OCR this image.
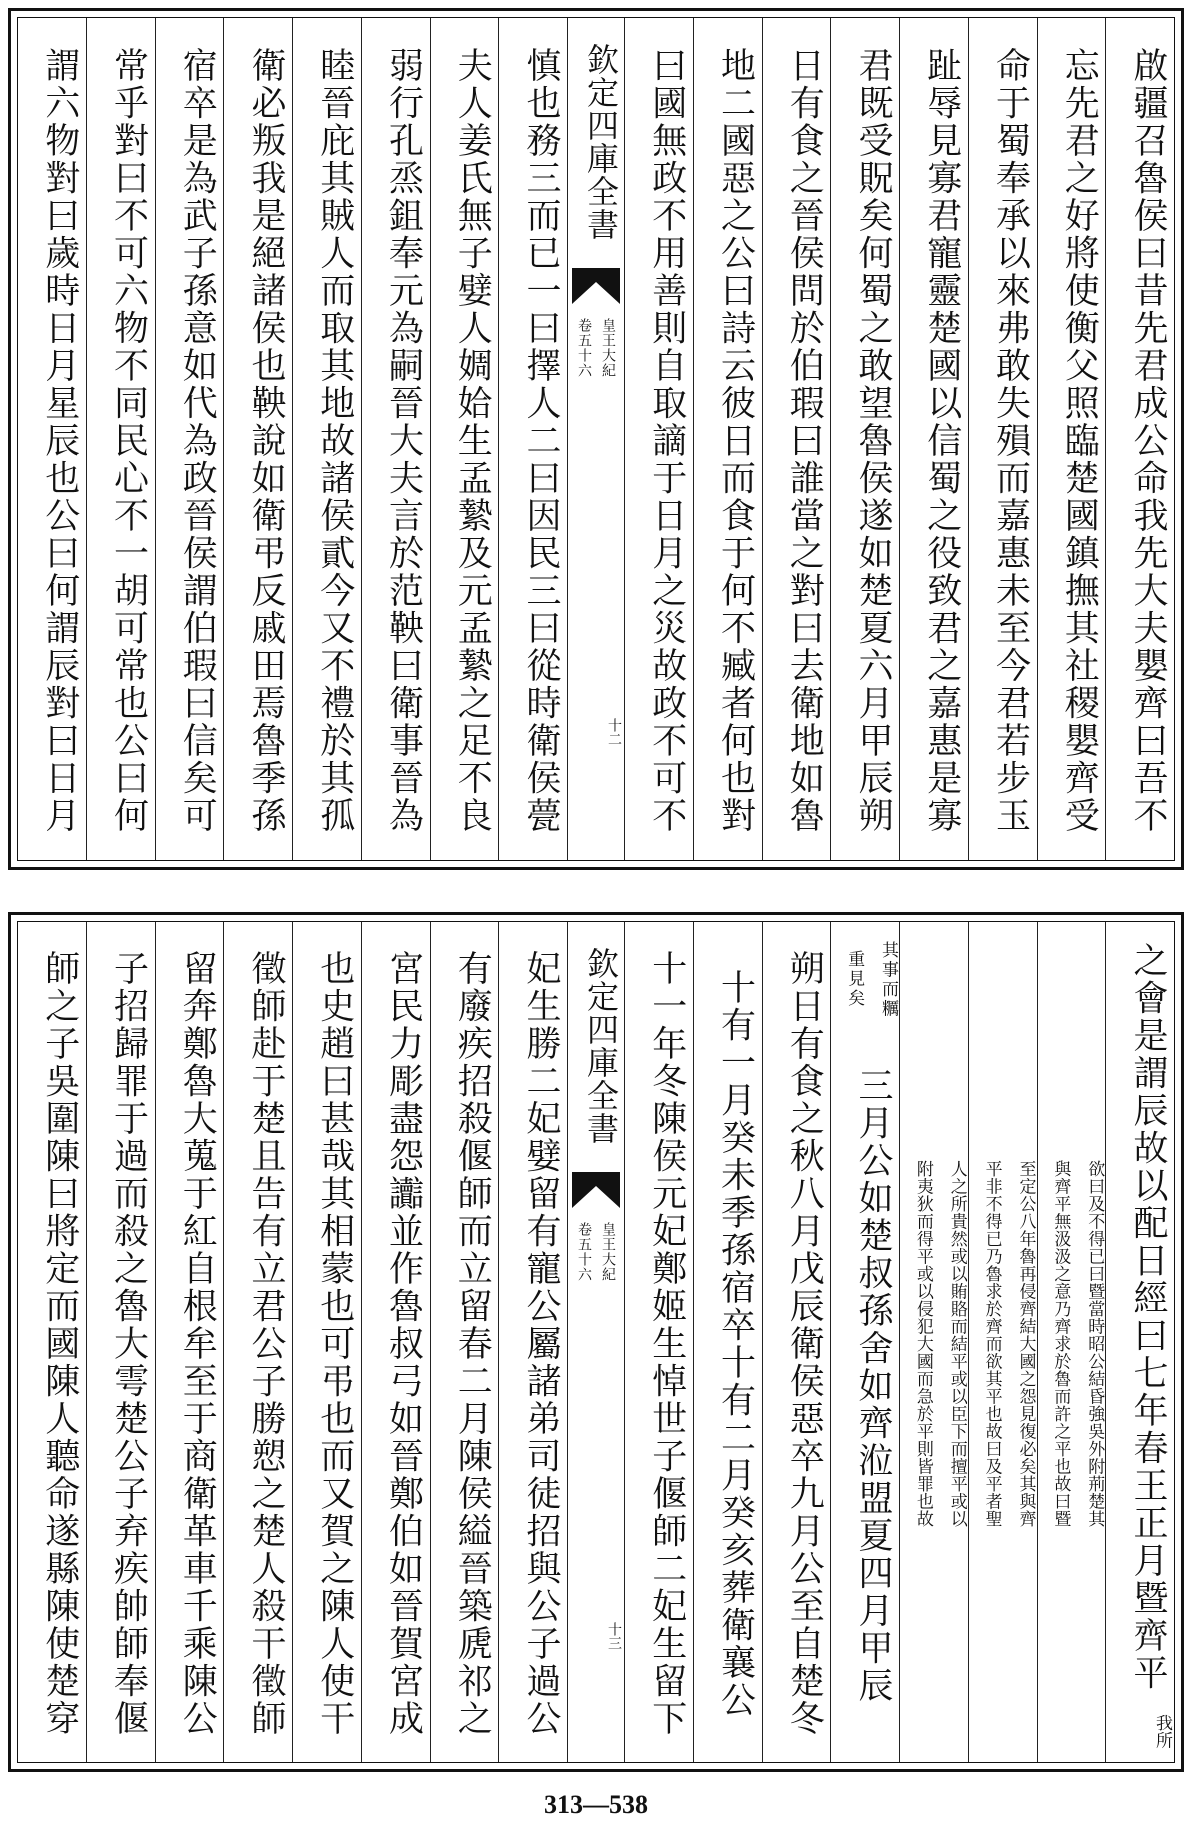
啟疆召魯侯曰昔先君成公命我先大夫嬰齊曰吾不
忘先君之好將使衡父照臨楚國鎮撫其社稷嬰齊受
命于蜀奉承以來弗敢失殞而嘉惠未至今君若步玉
趾辱見寡君寵靈楚國以信蜀之役致君之嘉惠是寡
君既受貺矣何蜀之敢望魯侯遂如楚夏六月甲辰朔
日有食之晉侯問於伯瑕曰誰當之對曰去衛地如魯
地二國惡之公曰詩云彼日而食于何不臧者何也對
曰國無政不用善則自取謫于日月之災故政不可不
欽定四庫全書
皇王大紀
卷五十六
十二
慎也務三而已一曰擇人二曰因民三曰從時衛侯甍
夫人姜氏無子嬖人婤姶生孟縶及元孟縶之足不良
弱行孔烝鉏奉元為嗣晉大夫言於范鞅曰衛事晉為
睦晉庇其賊人而取其地故諸侯貳今又不禮於其孤
衛必叛我是絕諸侯也鞅說如衛弔反戚田焉魯季孫
宿卒是為武子孫意如代為政晉侯謂伯瑕曰信矣可
常乎對曰不可六物不同民心不一胡可常也公曰何
謂六物對曰歲時日月星辰也公曰何謂辰對曰日月
之會是謂辰故以配日經曰七年春王正月暨齊平
我所
欲曰及不得已曰暨當時昭公結昏強吳外附荊楚其
與齊平無汲汲之意乃齊求於魯而許之平也故曰暨
至定公八年魯再侵齊結大國之怨見復必矣其與齊
平非不得已乃魯求於齊而欲其平也故曰及平者聖
人之所貴然或以賄賂而結平或以臣下而擅平或以
附夷狄而得平或以侵犯大國而急於平則皆罪也故
其事而糲
重見矣
三月公如楚叔孫舍如齊涖盟夏四月甲辰
朔日有食之秋八月戊辰衛侯惡卒九月公至自楚冬
十有一月癸未季孫宿卒十有二月癸亥葬衛襄公
十一年冬陳侯元妃鄭姬生悼世子偃師二妃生留下
欽定四庫全書
皇王大紀
卷五十六
十三
妃生勝二妃嬖留有寵公屬諸弟司徒招與公子過公
有廢疾招殺偃師而立留春二月陳侯縊晉築虒祁之
宮民力彫盡怨讟並作魯叔弓如晉鄭伯如晉賀宮成
也史趙曰甚哉其相蒙也可弔也而又賀之陳人使干
徵師赴于楚且告有立君公子勝愬之楚人殺干徵師
留奔鄭魯大蒐于紅自根牟至于商衛革車千乘陳公
子招歸罪于過而殺之魯大雩楚公子弃疾帥師奉偃
師之子吳圍陳曰將定而國陳人聽命遂縣陳使楚穿
313—538
